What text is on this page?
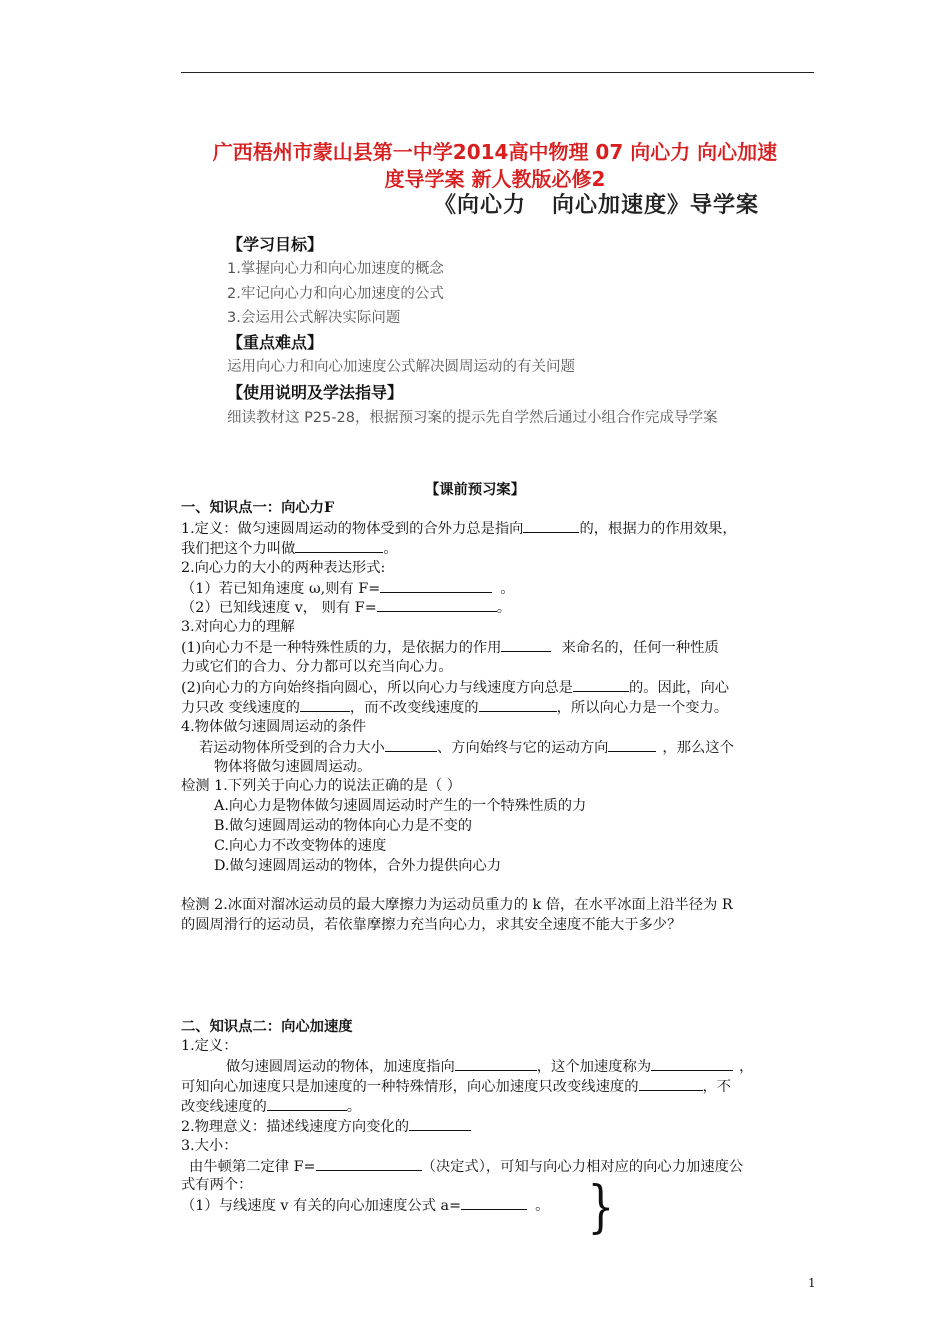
广西梧州市蒙山县第一中学2014高中物理 07 向心力 向心加速
度导学案 新人教版必修2
《向心力   向心加速度》导学案
【学习目标】
1.掌握向心力和向心加速度的概念
2.牢记向心力和向心加速度的公式
3.会运用公式解决实际问题
【重点难点】
运用向心力和向心加速度公式解决圆周运动的有关问题
【使用说明及学法指导】
细读教材这 P25-28，根据预习案的提示先自学然后通过小组合作完成导学案
【课前预习案】
一、知识点一：向心力F
1.定义：做匀速圆周运动的物体受到的合外力总是指向	的，根据力的作用效果，
我们把这个力叫做	。
2.向心力的大小的两种表达形式:
（1）若已知角速度 ω,则有 F=	。
（2）已知线速度 v， 则有 F=	。
3.对向心力的理解
(1)向心力不是一种特殊性质的力，是依据力的作用	来命名的，任何一种性质
力或它们的合力、分力都可以充当向心力。
(2)向心力的方向始终指向圆心，所以向心力与线速度方向总是	的。因此，向心
力只改 变线速度的	，而不改变线速度的	，所以向心力是一个变力。
4.物体做匀速圆周运动的条件
若运动物体所受到的合力大小	、方向始终与它的运动方向	，那么这个
物体将做匀速圆周运动。
检测 1.下列关于向心力的说法正确的是（ ）
A.向心力是物体做匀速圆周运动时产生的一个特殊性质的力
B.做匀速圆周运动的物体向心力是不变的
C.向心力不改变物体的速度
D.做匀速圆周运动的物体，合外力提供向心力
检测 2.冰面对溜冰运动员的最大摩擦力为运动员重力的 k 倍，在水平冰面上沿半径为 R
的圆周滑行的运动员，若依靠摩擦力充当向心力，求其安全速度不能大于多少？
二、知识点二：向心加速度
1.定义：
做匀速圆周运动的物体，加速度指向	，这个加速度称为	，
可知向心加速度只是加速度的一种特殊情形，向心加速度只改变线速度的	，不
改变线速度的	。
2.物理意义：描述线速度方向变化的
3.大小：
由牛顿第二定律 F=	（决定式），可知与向心力相对应的向心力加速度公
式有两个：
（1）与线速度 v 有关的向心加速度公式 a=	。 }
1
